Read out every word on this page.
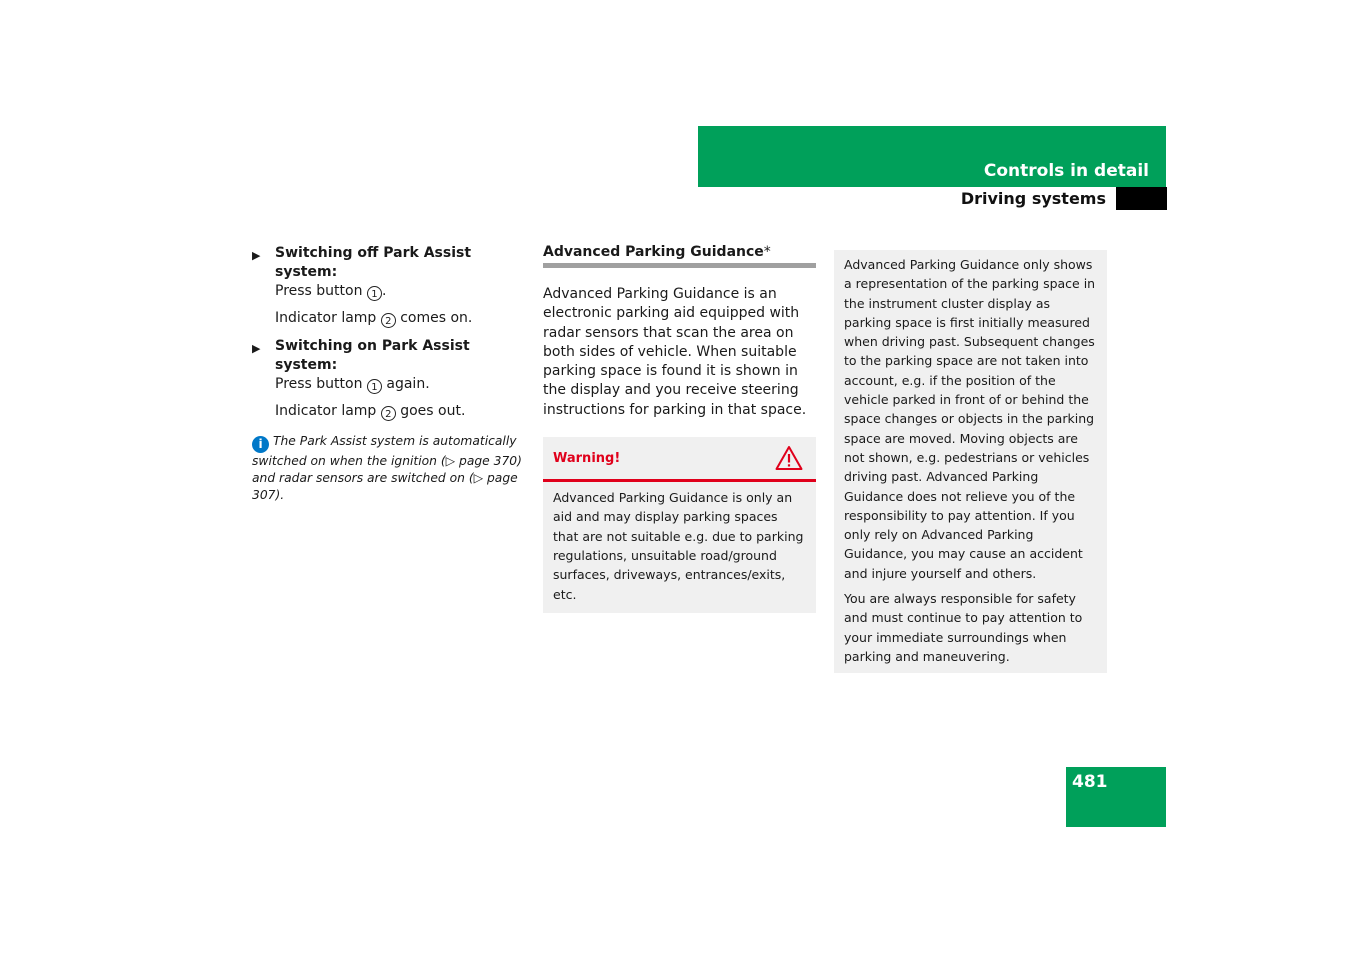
Controls in detail
Driving systems
▶ Switching off Park Assist system:
Press button 1 .
Indicator lamp 2 comes on.
▶ Switching on Park Assist system:
Press button 1 again.
Indicator lamp 2 goes out.
i The Park Assist system is automatically switched on when the ignition (▷ page 370) and radar sensors are switched on (▷ page 307).
Advanced Parking Guidance*
Advanced Parking Guidance is an electronic parking aid equipped with radar sensors that scan the area on both sides of vehicle. When suitable parking space is found it is shown in the display and you receive steering instructions for parking in that space.
Warning!
Advanced Parking Guidance is only an aid and may display parking spaces that are not suitable e.g. due to parking regulations, unsuitable road/ground surfaces, driveways, entrances/exits, etc.

Advanced Parking Guidance only shows a representation of the parking space in the instrument cluster display as parking space is first initially measured when driving past. Subsequent changes to the parking space are not taken into account, e.g. if the position of the vehicle parked in front of or behind the space changes or objects in the parking space are moved. Moving objects are not shown, e.g. pedestrians or vehicles driving past. Advanced Parking Guidance does not relieve you of the responsibility to pay attention. If you only rely on Advanced Parking Guidance, you may cause an accident and injure yourself and others.

You are always responsible for safety and must continue to pay attention to your immediate surroundings when parking and maneuvering.

481
